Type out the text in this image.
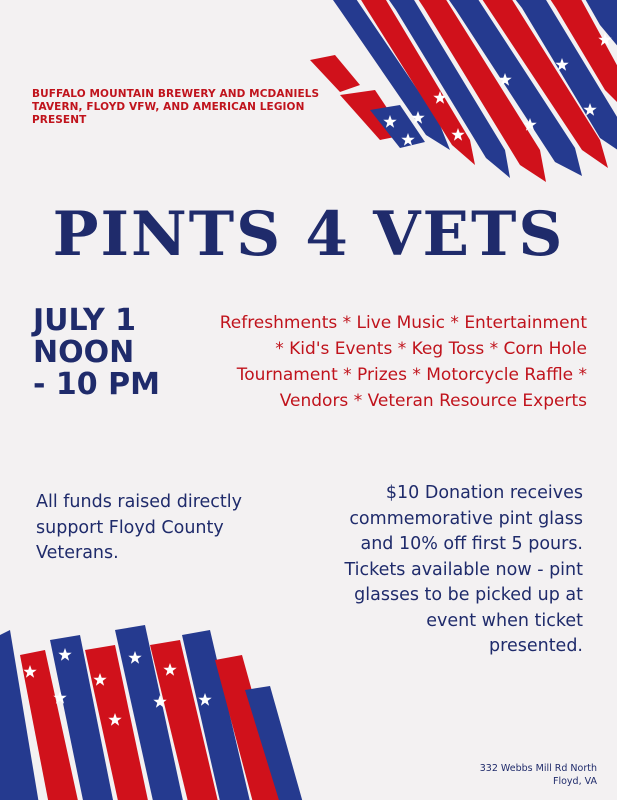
BUFFALO MOUNTAIN BREWERY AND MCDANIELS TAVERN, FLOYD VFW, AND AMERICAN LEGION PRESENT

PINTS 4 VETS
JULY 1
NOON
- 10 PM

Refreshments * Live Music * Entertainment * Kid's Events * Keg Toss * Corn Hole Tournament * Prizes * Motorcycle Raffle * Vendors * Veteran Resource Experts

All funds raised directly support Floyd County Veterans.

$10 Donation receives commemorative pint glass and 10% off first 5 pours. Tickets available now - pint glasses to be picked up at event when ticket presented.

332 Webbs Mill Rd North
Floyd, VA
